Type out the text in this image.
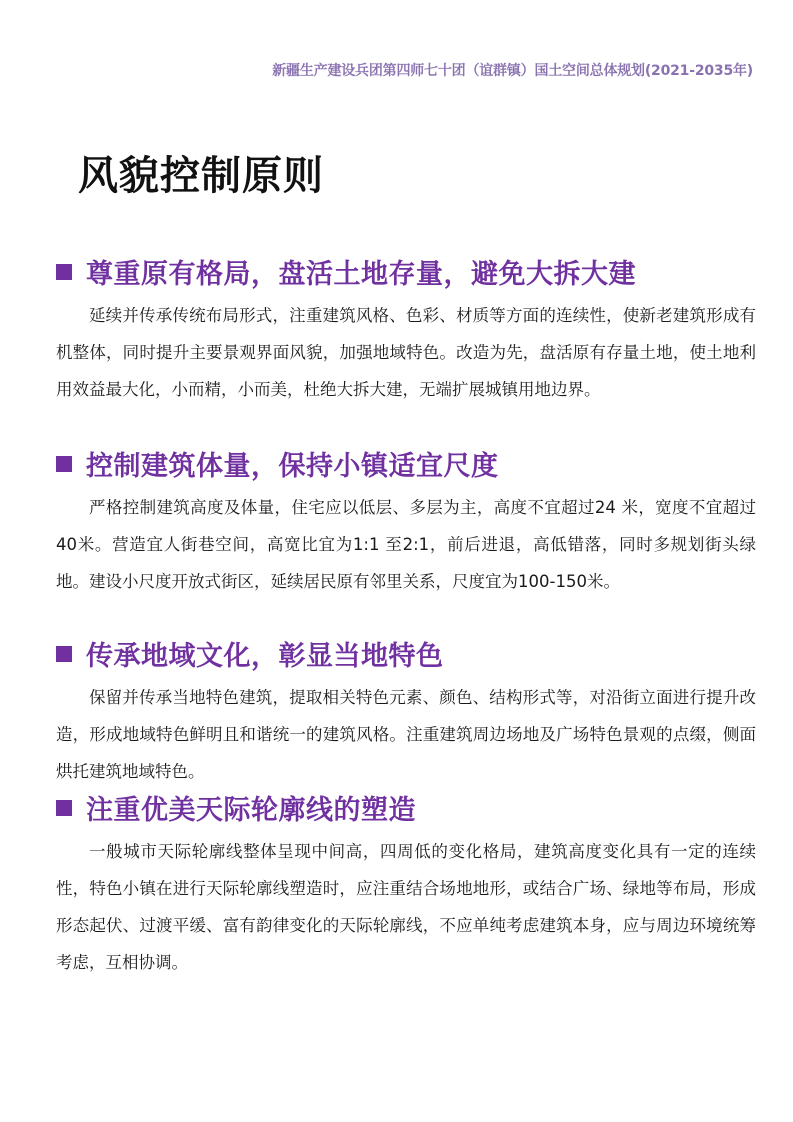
新疆生产建设兵团第四师七十团（谊群镇）国土空间总体规划(2021-2035年)
风貌控制原则
尊重原有格局，盘活土地存量，避免大拆大建

延续并传承传统布局形式，注重建筑风格、色彩、材质等方面的连续性，使新老建筑形成有机整体，同时提升主要景观界面风貌，加强地域特色。改造为先，盘活原有存量土地，使土地利用效益最大化，小而精，小而美，杜绝大拆大建，无端扩展城镇用地边界。

控制建筑体量，保持小镇适宜尺度

严格控制建筑高度及体量，住宅应以低层、多层为主，高度不宜超过24 米，宽度不宜超过40米。营造宜人街巷空间，高宽比宜为1:1 至2:1，前后进退，高低错落，同时多规划街头绿地。建设小尺度开放式街区，延续居民原有邻里关系，尺度宜为100-150米。

传承地域文化，彰显当地特色

保留并传承当地特色建筑，提取相关特色元素、颜色、结构形式等，对沿街立面进行提升改造，形成地域特色鲜明且和谐统一的建筑风格。注重建筑周边场地及广场特色景观的点缀，侧面烘托建筑地域特色。

注重优美天际轮廓线的塑造

一般城市天际轮廓线整体呈现中间高，四周低的变化格局，建筑高度变化具有一定的连续性，特色小镇在进行天际轮廓线塑造时，应注重结合场地地形，或结合广场、绿地等布局，形成形态起伏、过渡平缓、富有韵律变化的天际轮廓线，不应单纯考虑建筑本身，应与周边环境统筹考虑，互相协调。
